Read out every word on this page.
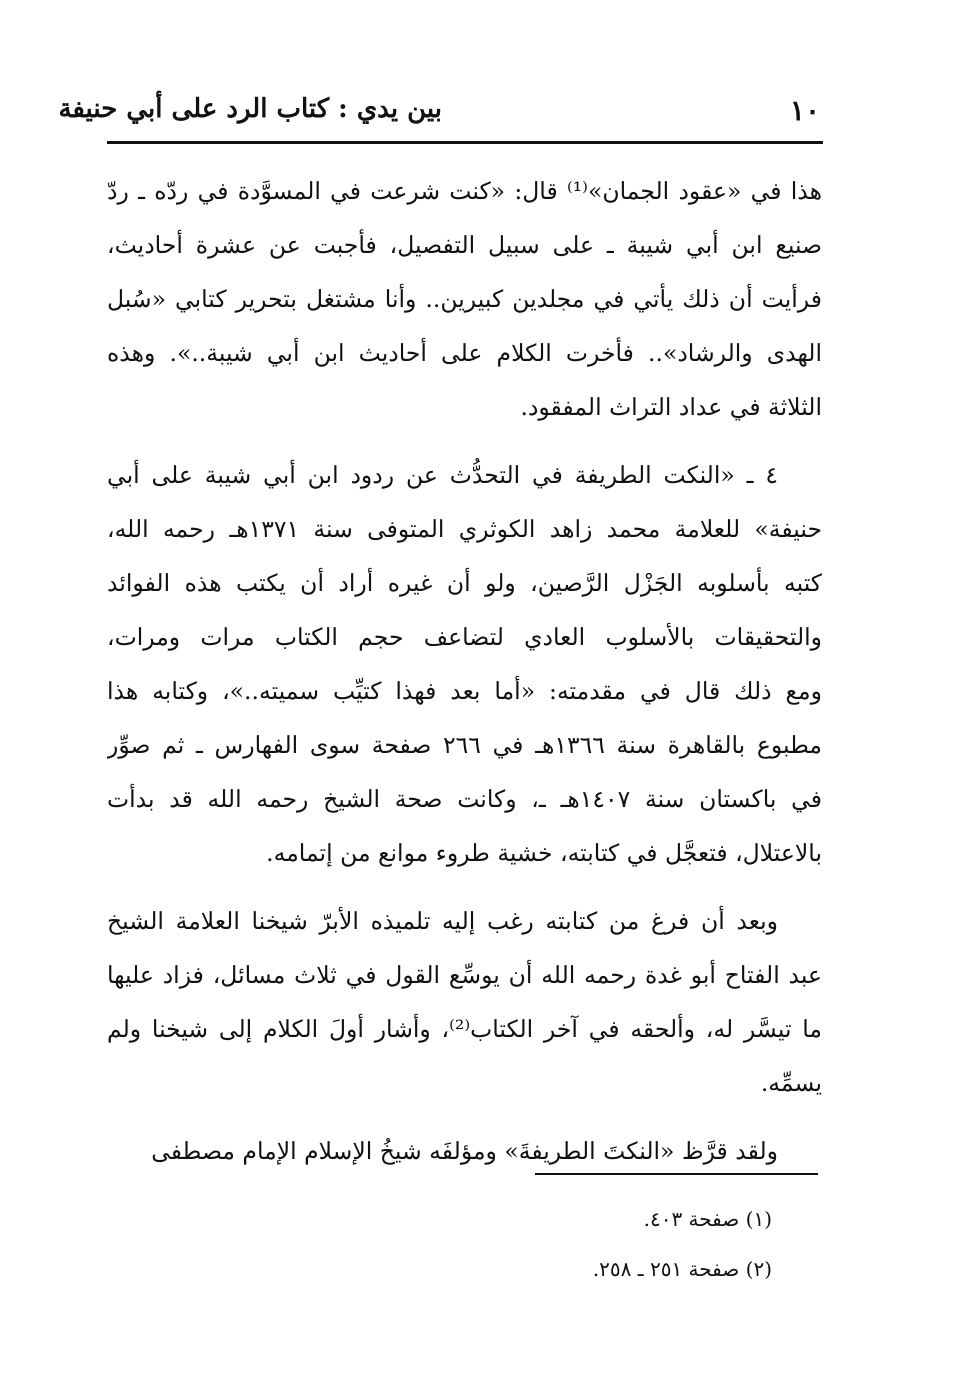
١٠
بين يدي : كتاب الرد على أبي حنيفة
هذا في «عقود الجمان»⁽¹⁾ قال: «كنت شرعت في المسوَّدة في ردّه ـ ردّ
صنيع ابن أبي شيبة ـ على سبيل التفصيل، فأجبت عن عشرة أحاديث،
فرأيت أن ذلك يأتي في مجلدين كبيرين.. وأنا مشتغل بتحرير كتابي «سُبل
الهدى والرشاد».. فأخرت الكلام على أحاديث ابن أبي شيبة..». وهذه
الثلاثة في عداد التراث المفقود.
٤ ـ «النكت الطريفة في التحدُّث عن ردود ابن أبي شيبة على أبي
حنيفة» للعلامة محمد زاهد الكوثري المتوفى سنة ١٣٧١هـ رحمه الله،
كتبه بأسلوبه الجَزْل الرَّصين، ولو أن غيره أراد أن يكتب هذه الفوائد
والتحقيقات بالأسلوب العادي لتضاعف حجم الكتاب مرات ومرات،
ومع ذلك قال في مقدمته: «أما بعد فهذا كتيِّب سميته..»، وكتابه هذا
مطبوع بالقاهرة سنة ١٣٦٦هـ في ٢٦٦ صفحة سوى الفهارس ـ ثم صوِّر
في باكستان سنة ١٤٠٧هـ ـ، وكانت صحة الشيخ رحمه الله قد بدأت
بالاعتلال، فتعجَّل في كتابته، خشية طروء موانع من إتمامه.
وبعد أن فرغ من كتابته رغب إليه تلميذه الأبرّ شيخنا العلامة الشيخ
عبد الفتاح أبو غدة رحمه الله أن يوسِّع القول في ثلاث مسائل، فزاد عليها
ما تيسَّر له، وألحقه في آخر الكتاب⁽²⁾، وأشار أولَ الكلام إلى شيخنا ولم
يسمِّه.
ولقد قرَّظ «النكتَ الطريفةَ» ومؤلفَه شيخُ الإسلام الإمام مصطفى
(١) صفحة ٤٠٣.
(٢) صفحة ٢٥١ ـ ٢٥٨.
